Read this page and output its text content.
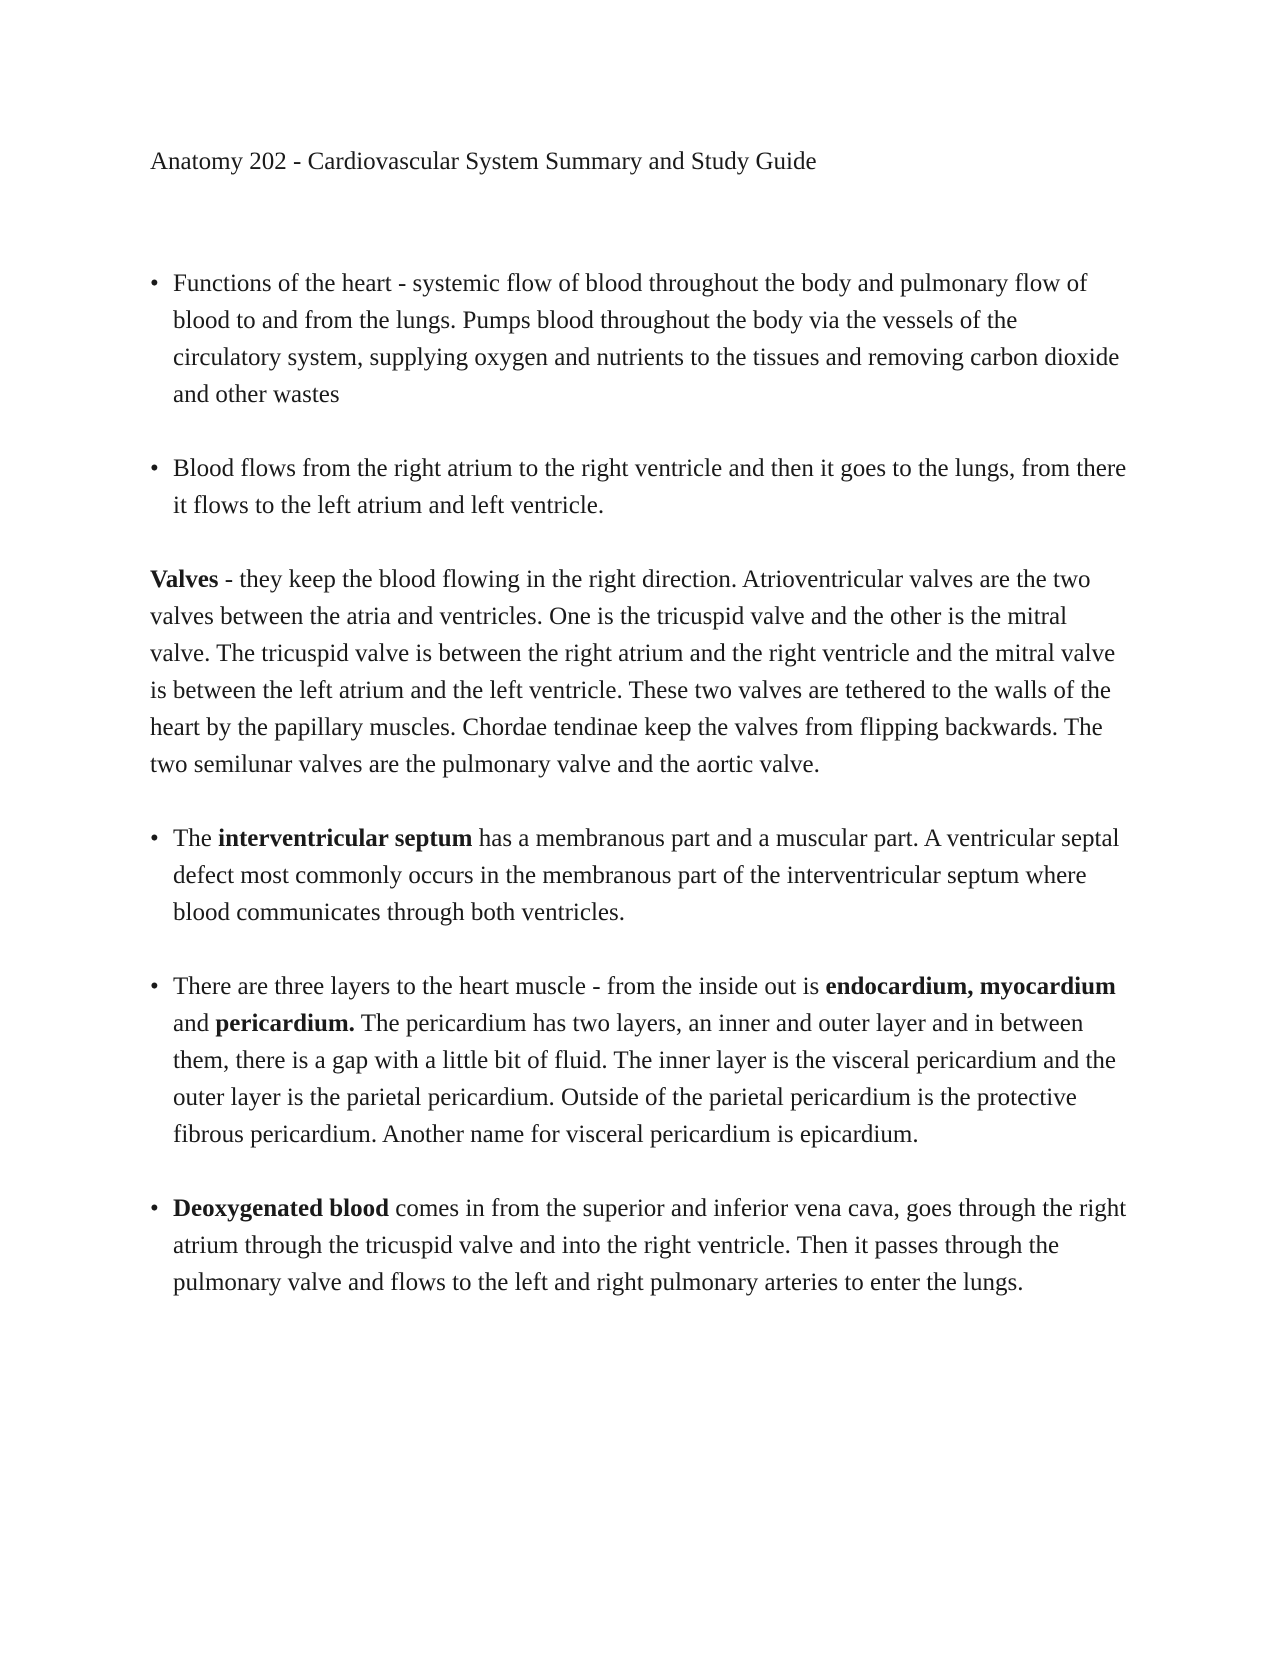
Anatomy 202 - Cardiovascular System Summary and Study Guide
• Functions of the heart - systemic flow of blood throughout the body and pulmonary flow of blood to and from the lungs. Pumps blood throughout the body via the vessels of the circulatory system, supplying oxygen and nutrients to the tissues and removing carbon dioxide and other wastes

• Blood flows from the right atrium to the right ventricle and then it goes to the lungs, from there it flows to the left atrium and left ventricle.

Valves - they keep the blood flowing in the right direction. Atrioventricular valves are the two valves between the atria and ventricles. One is the tricuspid valve and the other is the mitral valve. The tricuspid valve is between the right atrium and the right ventricle and the mitral valve is between the left atrium and the left ventricle. These two valves are tethered to the walls of the heart by the papillary muscles. Chordae tendinae keep the valves from flipping backwards. The two semilunar valves are the pulmonary valve and the aortic valve.

• The interventricular septum has a membranous part and a muscular part. A ventricular septal defect most commonly occurs in the membranous part of the interventricular septum where blood communicates through both ventricles.

• There are three layers to the heart muscle - from the inside out is endocardium, myocardium and pericardium. The pericardium has two layers, an inner and outer layer and in between them, there is a gap with a little bit of fluid. The inner layer is the visceral pericardium and the outer layer is the parietal pericardium. Outside of the parietal pericardium is the protective fibrous pericardium. Another name for visceral pericardium is epicardium.

• Deoxygenated blood comes in from the superior and inferior vena cava, goes through the right atrium through the tricuspid valve and into the right ventricle. Then it passes through the pulmonary valve and flows to the left and right pulmonary arteries to enter the lungs.
